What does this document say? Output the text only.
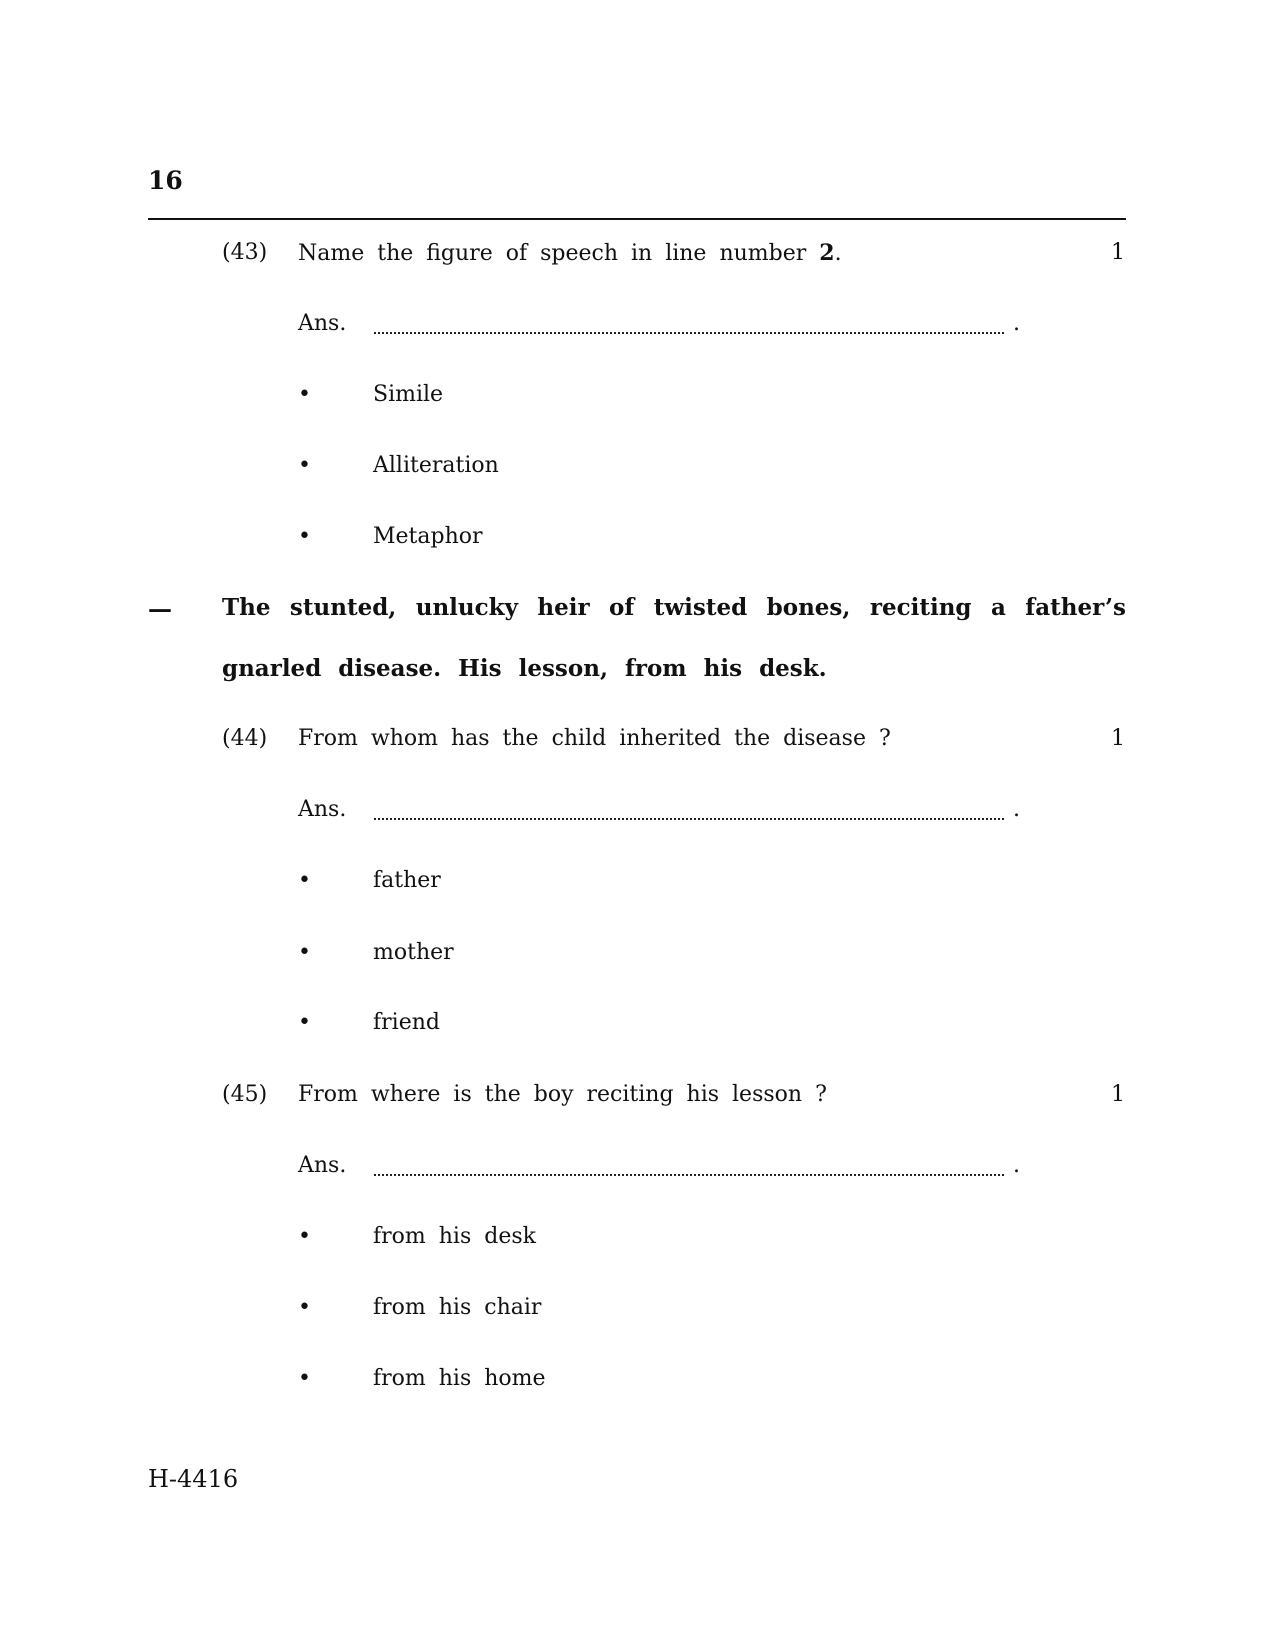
16
(43) Name the figure of speech in line number 2.	1
Ans.	.
•	Simile
•	Alliteration
•	Metaphor
— The stunted, unlucky heir of twisted bones, reciting a father’s gnarled disease. His lesson, from his desk.
(44) From whom has the child inherited the disease ?	1
Ans.	.
•	father
•	mother
•	friend
(45) From where is the boy reciting his lesson ?	1
Ans.	.
•	from his desk
•	from his chair
•	from his home
H-4416
